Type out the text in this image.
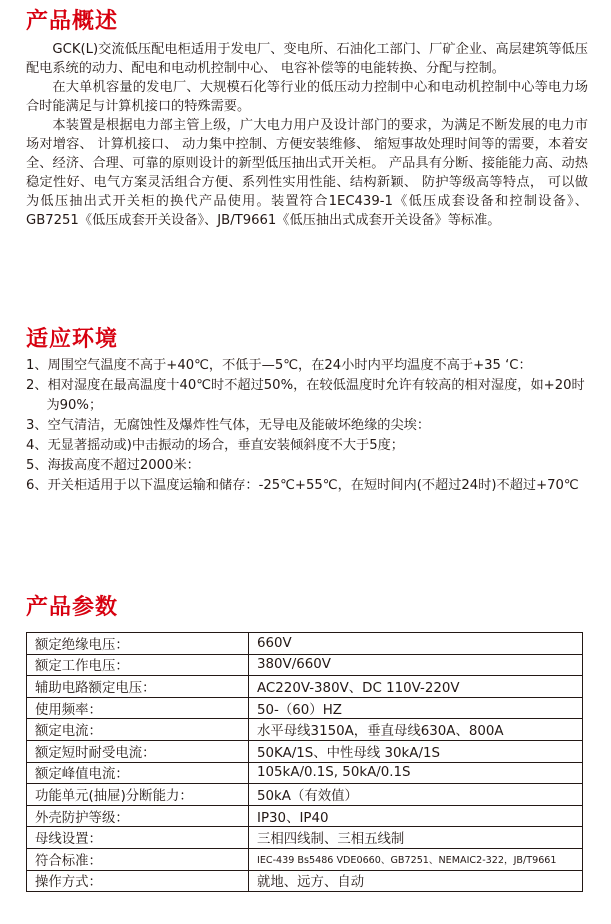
产品概述

GCK(L)交流低压配电柜适用于发电厂、变电所、石油化工部门、厂矿企业、高层建筑等低压配电系统的动力、配电和电动机控制中心、 电容补偿等的电能转换、分配与控制。

在大单机容量的发电厂、大规模石化等行业的低压动力控制中心和电动机控制中心等电力场合时能满足与计算机接口的特殊需要。

本装置是根据电力部主管上级，广大电力用户及设计部门的要求，为满足不断发展的电力市场对增容、 计算机接口、 动力集中控制、方便安装维修、 缩短事故处理时间等的需要，本着安全、经济、合理、可靠的原则设计的新型低压抽出式开关柜。 产品具有分断、接能能力高、动热稳定性好、电气方案灵活组合方便、系列性实用性能、结构新颖、 防护等级高等特点， 可以做为低压抽出式开关柜的换代产品使用。装置符合1EC439-1《低压成套设备和控制设备》、GB7251《低压成套开关设备》、JB/T9661《低压抽出式成套开关设备》等标准。

适应环境
1、周围空气温度不高于+40℃，不低于—5℃，在24小时内平均温度不高于+35 ‘C：
2、相对湿度在最高温度十40℃时不超过50%，在较低温度时允许有较高的相对湿度，如+20时为90%；
3、空气清洁，无腐蚀性及爆炸性气体，无导电及能破坏绝缘的尖埃：
4、无显著摇动或)中击振动的场合，垂直安装倾斜度不大于5度；
5、海拔高度不超过2000米：
6、开关柜适用于以下温度运输和储存：-25℃+55℃，在短时间内(不超过24时)不超过+70℃
产品参数
额定绝缘电压：	660V
额定工作电压：	380V/660V
辅助电路额定电压：	AC220V-380V、DC 110V-220V
使用频率：	50-（60）HZ
额定电流：	水平母线3150A，垂直母线630A、800A
额定短时耐受电流：	50KA/1S、中性母线 30kA/1S
额定峰值电流：	105kA/0.1S, 50kA/0.1S
功能单元(抽屉)分断能力：	50kA（有效值）
外壳防护等级：	IP30、IP40
母线设置：	三相四线制、三相五线制
符合标准：	IEC-439 Bs5486 VDE0660、GB7251、NEMAIC2-322，JB/T9661
操作方式：	就地、远方、自动
